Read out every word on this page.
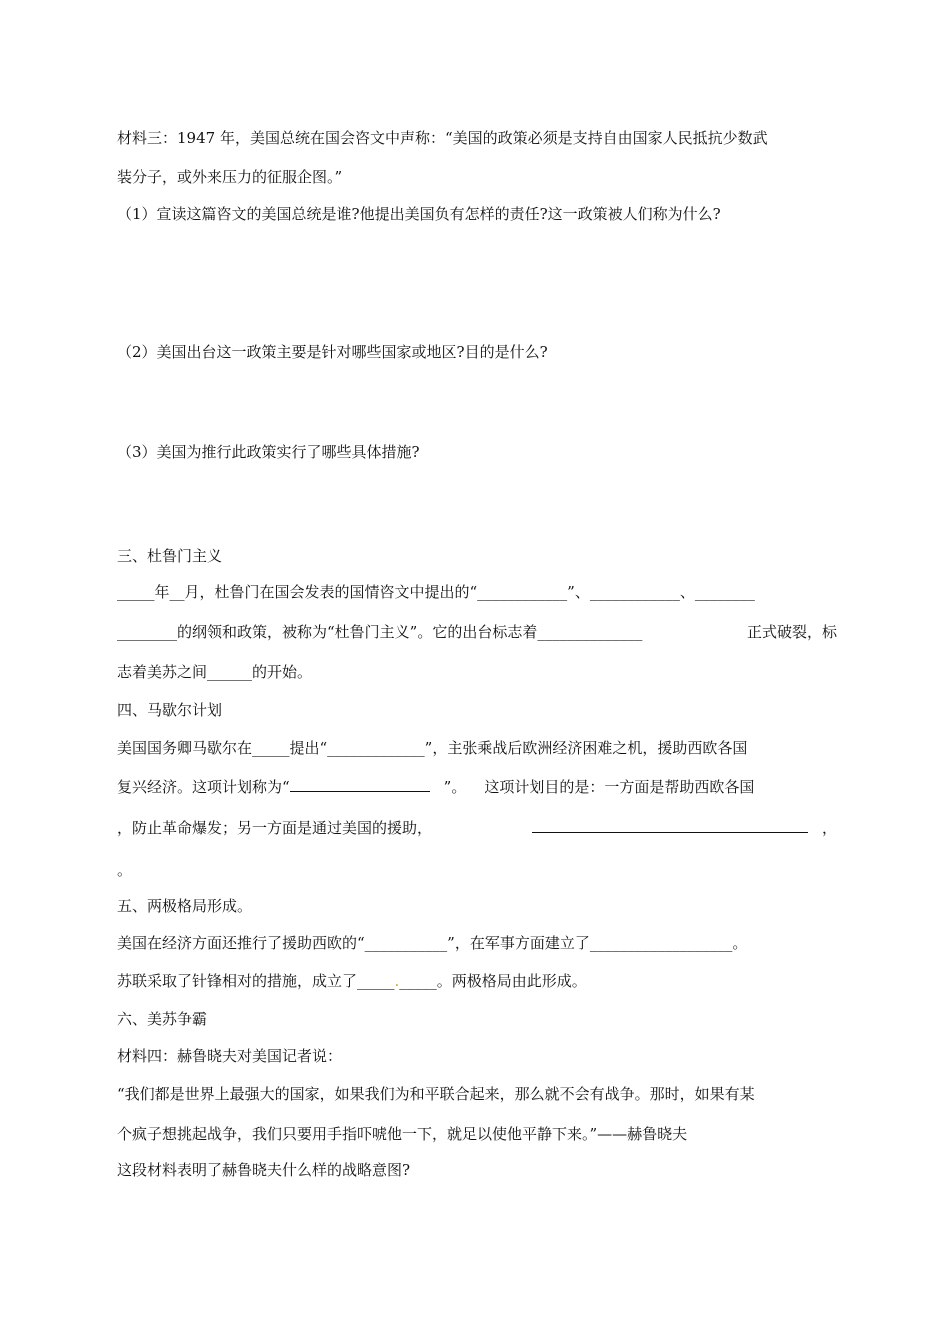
材料三：1947 年，美国总统在国会咨文中声称：“美国的政策必须是支持自由国家人民抵抗少数武
装分子，或外来压力的征服企图。”
（1）宣读这篇咨文的美国总统是谁?他提出美国负有怎样的责任?这一政策被人们称为什么?
（2）美国出台这一政策主要是针对哪些国家或地区?目的是什么?
（3）美国为推行此政策实行了哪些具体措施?
三、杜鲁门主义
_____年__月，杜鲁门在国会发表的国情咨文中提出的“____________”、____________、________
________的纲领和政策，被称为“杜鲁门主义”。它的出台标志着______________	正式破裂，标
志着美苏之间______的开始。
四、马歇尔计划
美国国务卿马歇尔在_____提出“_____________”，主张乘战后欧洲经济困难之机，援助西欧各国
复兴经济。这项计划称为“	”。 这项计划目的是：一方面是帮助西欧各国
，防止革命爆发；另一方面是通过美国的援助，	，
。
五、两极格局形成。
美国在经济方面还推行了援助西欧的“___________”，在军事方面建立了___________________。
苏联采取了针锋相对的措施，成立了_____._____。两极格局由此形成。
六、美苏争霸
材料四：赫鲁晓夫对美国记者说：
“我们都是世界上最强大的国家，如果我们为和平联合起来，那么就不会有战争。那时，如果有某
个疯子想挑起战争，我们只要用手指吓唬他一下，就足以使他平静下来。”——赫鲁晓夫
这段材料表明了赫鲁晓夫什么样的战略意图?
